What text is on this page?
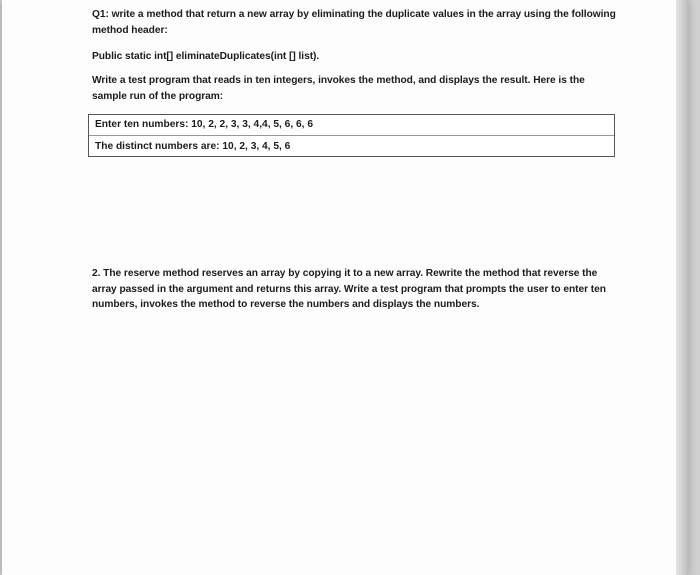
Q1: write a method that return a new array by eliminating the duplicate values in the array using the following method header:
Public static int[] eliminateDuplicates(int [] list).
Write a test program that reads in ten integers, invokes the method, and displays the result. Here is the sample run of the program:
Enter ten numbers: 10, 2, 2, 3, 3, 4,4, 5, 6, 6, 6
The distinct numbers are: 10, 2, 3, 4, 5, 6
2. The reserve method reserves an array by copying it to a new array. Rewrite the method that reverse the array passed in the argument and returns this array. Write a test program that prompts the user to enter ten numbers, invokes the method to reverse the numbers and displays the numbers.
